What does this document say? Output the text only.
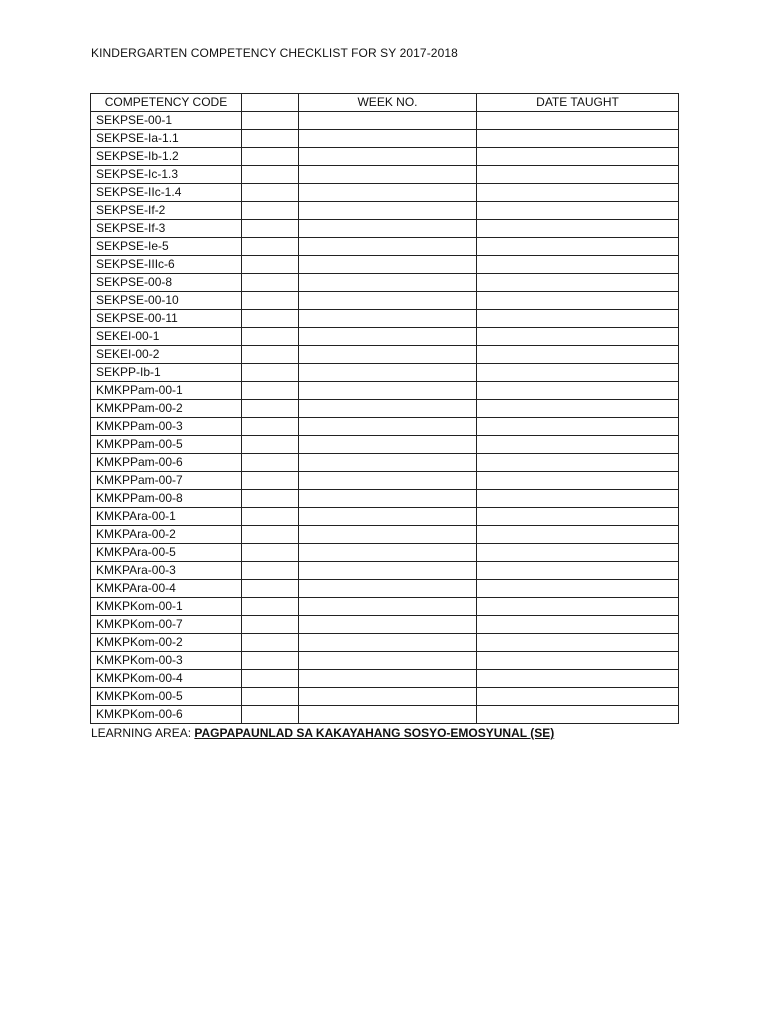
KINDERGARTEN COMPETENCY CHECKLIST FOR SY 2017-2018
COMPETENCY CODE		WEEK NO.	DATE TAUGHT
SEKPSE-00-1			
SEKPSE-Ia-1.1			
SEKPSE-Ib-1.2			
SEKPSE-Ic-1.3			
SEKPSE-IIc-1.4			
SEKPSE-If-2			
SEKPSE-If-3			
SEKPSE-Ie-5			
SEKPSE-IIIc-6			
SEKPSE-00-8			
SEKPSE-00-10			
SEKPSE-00-11			
SEKEI-00-1			
SEKEI-00-2			
SEKPP-Ib-1			
KMKPPam-00-1			
KMKPPam-00-2			
KMKPPam-00-3			
KMKPPam-00-5			
KMKPPam-00-6			
KMKPPam-00-7			
KMKPPam-00-8			
KMKPAra-00-1			
KMKPAra-00-2			
KMKPAra-00-5			
KMKPAra-00-3			
KMKPAra-00-4			
KMKPKom-00-1			
KMKPKom-00-7			
KMKPKom-00-2			
KMKPKom-00-3			
KMKPKom-00-4			
KMKPKom-00-5			
KMKPKom-00-6			
LEARNING AREA: PAGPAPAUNLAD SA KAKAYAHANG SOSYO-EMOSYUNAL (SE)
